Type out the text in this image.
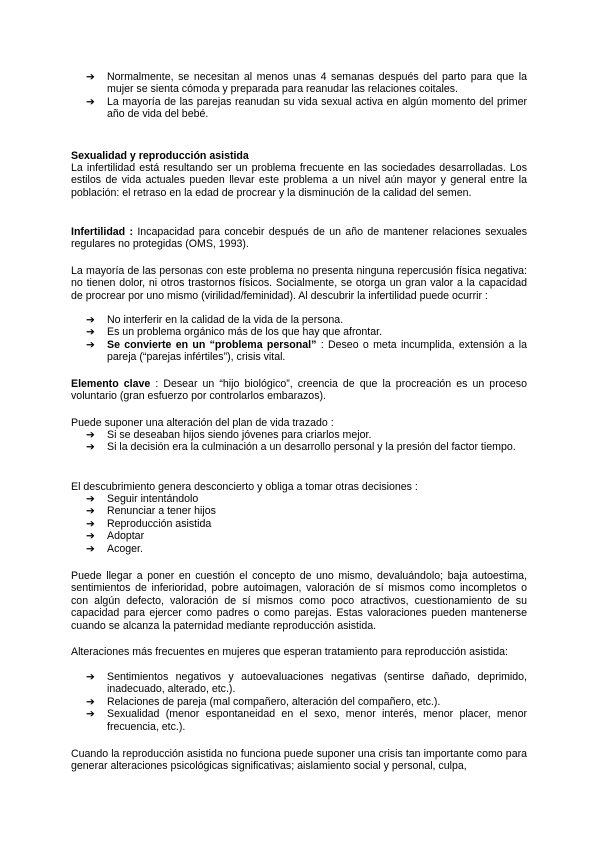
➔	Normalmente, se necesitan al menos unas 4 semanas después del parto para que la mujer se sienta cómoda y preparada para reanudar las relaciones coitales.
➔	La mayoría de las parejas reanudan su vida sexual activa en algún momento del primer año de vida del bebé.
Sexualidad y reproducción asistida
La infertilidad está resultando ser un problema frecuente en las sociedades desarrolladas. Los estilos de vida actuales pueden llevar este problema a un nivel aún mayor y general entre la población: el retraso en la edad de procrear y la disminución de la calidad del semen.
Infertilidad : Incapacidad para concebir después de un año de mantener relaciones sexuales regulares no protegidas (OMS, 1993).
La mayoría de las personas con este problema no presenta ninguna repercusión física negativa: no tienen dolor, ni otros trastornos físicos. Socialmente, se otorga un gran valor a la capacidad de procrear por uno mismo (virilidad/feminidad). Al descubrir la infertilidad puede ocurrir :
➔	No interferir en la calidad de la vida de la persona.
➔	Es un problema orgánico más de los que hay que afrontar.
➔	Se convierte en un “problema personal” : Deseo o meta incumplida, extensión a la pareja (“parejas infértiles”), crisis vital.
Elemento clave : Desear un “hijo biológico”, creencia de que la procreación es un proceso voluntario (gran esfuerzo por controlarlos embarazos).
Puede suponer una alteración del plan de vida trazado :
➔	Si se deseaban hijos siendo jóvenes para criarlos mejor.
➔	Si la decisión era la culminación a un desarrollo personal y la presión del factor tiempo.
El descubrimiento genera desconcierto y obliga a tomar otras decisiones :
➔	Seguir intentándolo
➔	Renunciar a tener hijos
➔	Reproducción asistida
➔	Adoptar
➔	Acoger.
Puede llegar a poner en cuestión el concepto de uno mismo, devaluándolo; baja autoestima, sentimientos de inferioridad, pobre autoimagen, valoración de sí mismos como incompletos o con algún defecto, valoración de sí mismos como poco atractivos, cuestionamiento de su capacidad para ejercer como padres o como parejas. Estas valoraciones pueden mantenerse cuando se alcanza la paternidad mediante reproducción asistida.
Alteraciones más frecuentes en mujeres que esperan tratamiento para reproducción asistida:
➔	Sentimientos negativos y autoevaluaciones negativas (sentirse dañado, deprimido, inadecuado, alterado, etc.).
➔	Relaciones de pareja (mal compañero, alteración del compañero, etc.).
➔	Sexualidad (menor espontaneidad en el sexo, menor interés, menor placer, menor frecuencia, etc.).
Cuando la reproducción asistida no funciona puede suponer una crisis tan importante como para generar alteraciones psicológicas significativas; aislamiento social y personal, culpa,
